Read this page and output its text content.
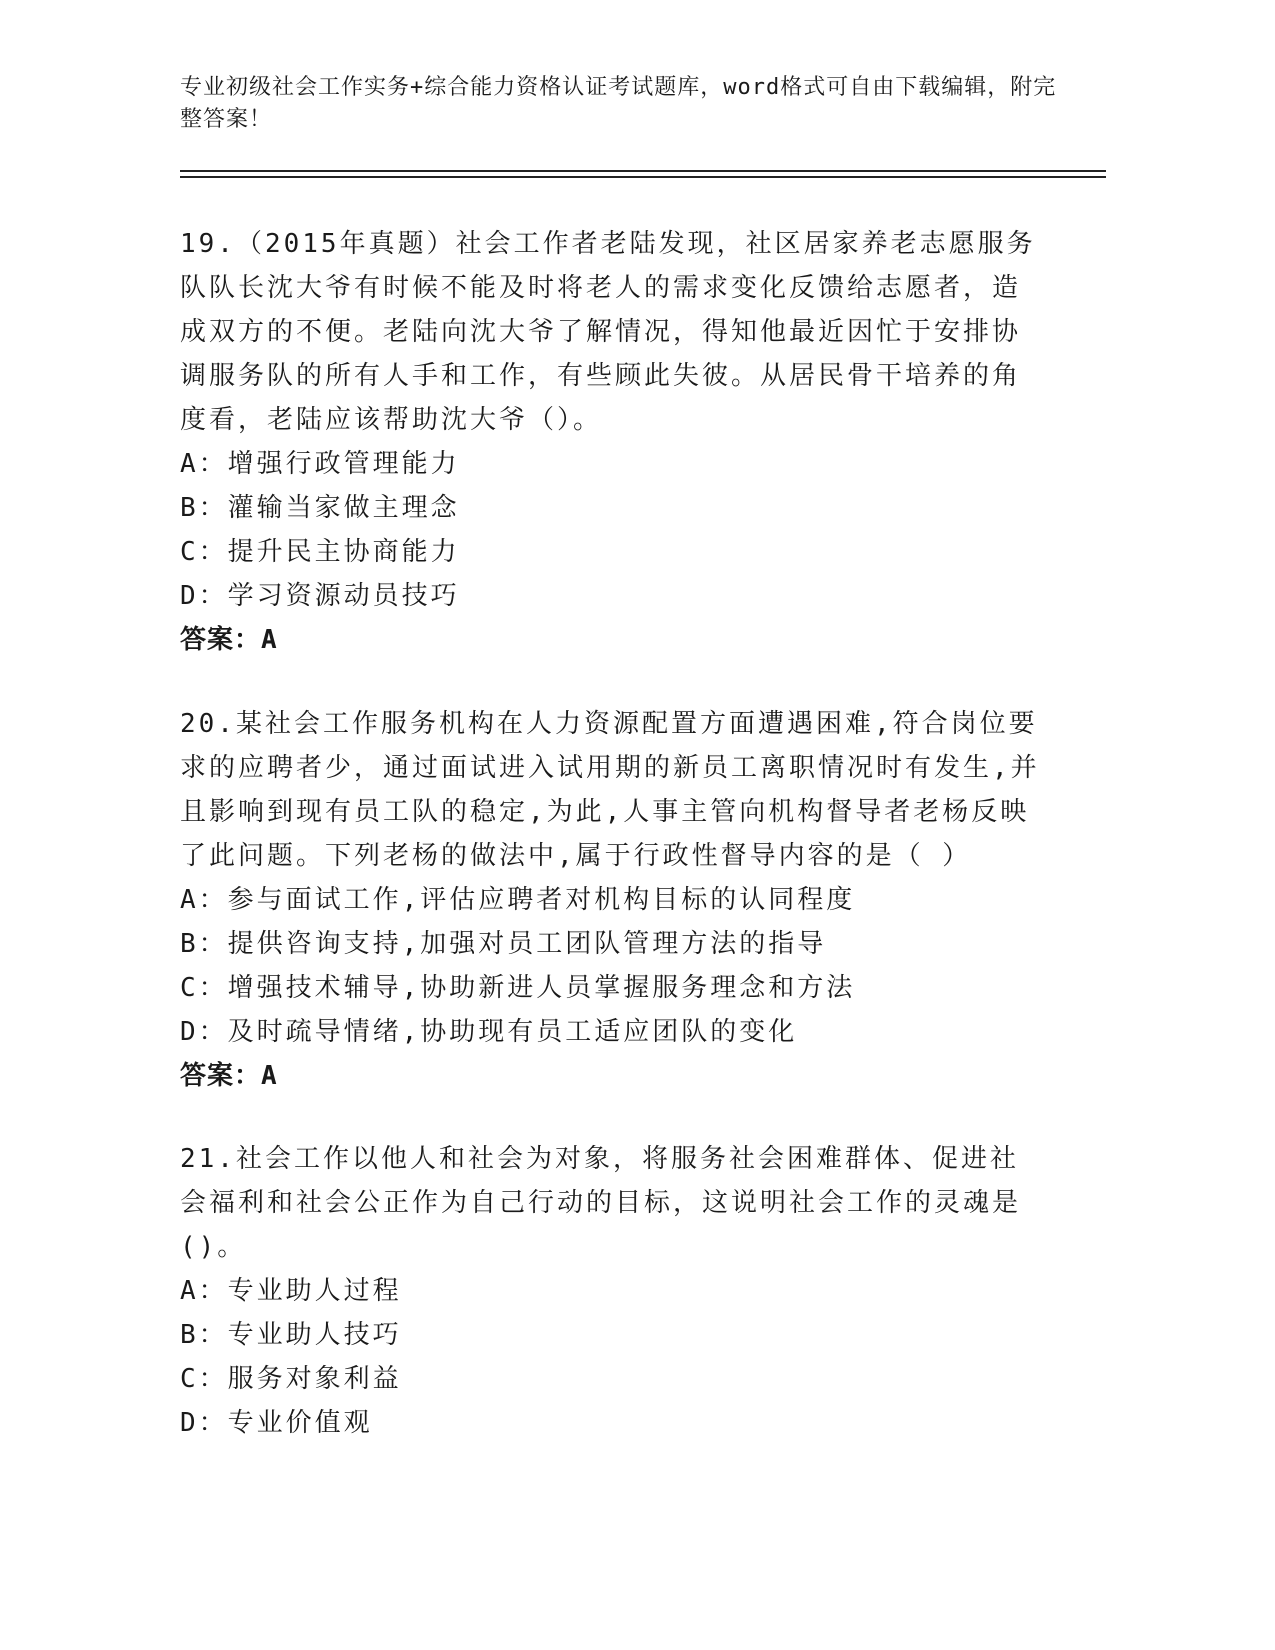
专业初级社会工作实务+综合能力资格认证考试题库，word格式可自由下载编辑，附完整答案！

19.（2015年真题）社会工作者老陆发现，社区居家养老志愿服务队队长沈大爷有时候不能及时将老人的需求变化反馈给志愿者，造成双方的不便。老陆向沈大爷了解情况，得知他最近因忙于安排协调服务队的所有人手和工作，有些顾此失彼。从居民骨干培养的角度看，老陆应该帮助沈大爷（）。

A：增强行政管理能力

B：灌输当家做主理念

C：提升民主协商能力

D：学习资源动员技巧

答案：A

20.某社会工作服务机构在人力资源配置方面遭遇困难,符合岗位要求的应聘者少，通过面试进入试用期的新员工离职情况时有发生,并且影响到现有员工队的稳定,为此,人事主管向机构督导者老杨反映了此问题。下列老杨的做法中,属于行政性督导内容的是（ ）

A：参与面试工作,评估应聘者对机构目标的认同程度

B：提供咨询支持,加强对员工团队管理方法的指导

C：增强技术辅导,协助新进人员掌握服务理念和方法

D：及时疏导情绪,协助现有员工适应团队的变化

答案：A

21.社会工作以他人和社会为对象，将服务社会困难群体、促进社会福利和社会公正作为自己行动的目标，这说明社会工作的灵魂是()。

A：专业助人过程

B：专业助人技巧

C：服务对象利益

D：专业价值观
